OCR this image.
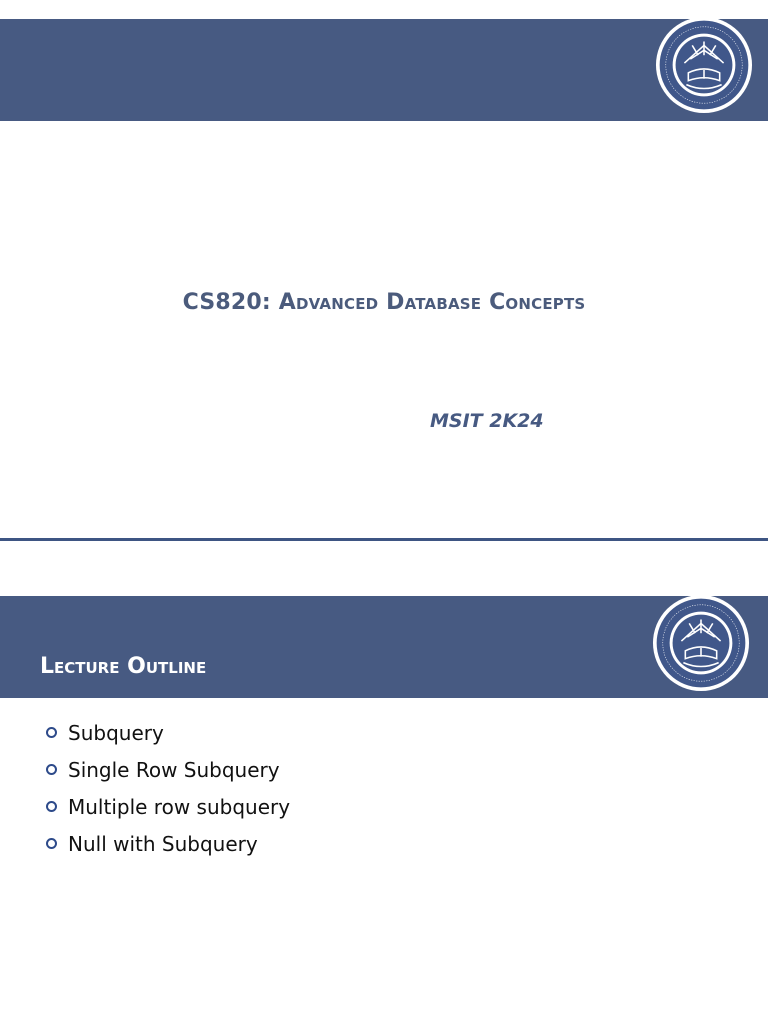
CS820: Advanced Database Concepts

MSIT 2K24

Lecture Outline
Subquery
Single Row Subquery
Multiple row subquery
Null with Subquery
